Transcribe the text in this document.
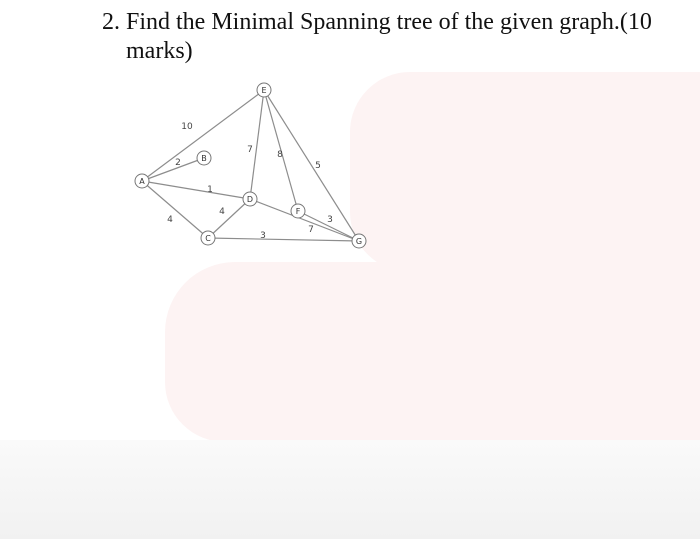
2. Find the Minimal Spanning tree of the given graph.(10
marks)
10
2
1
4
4
7	8
5
3
7
3
A
B
C
D
E
F
G
